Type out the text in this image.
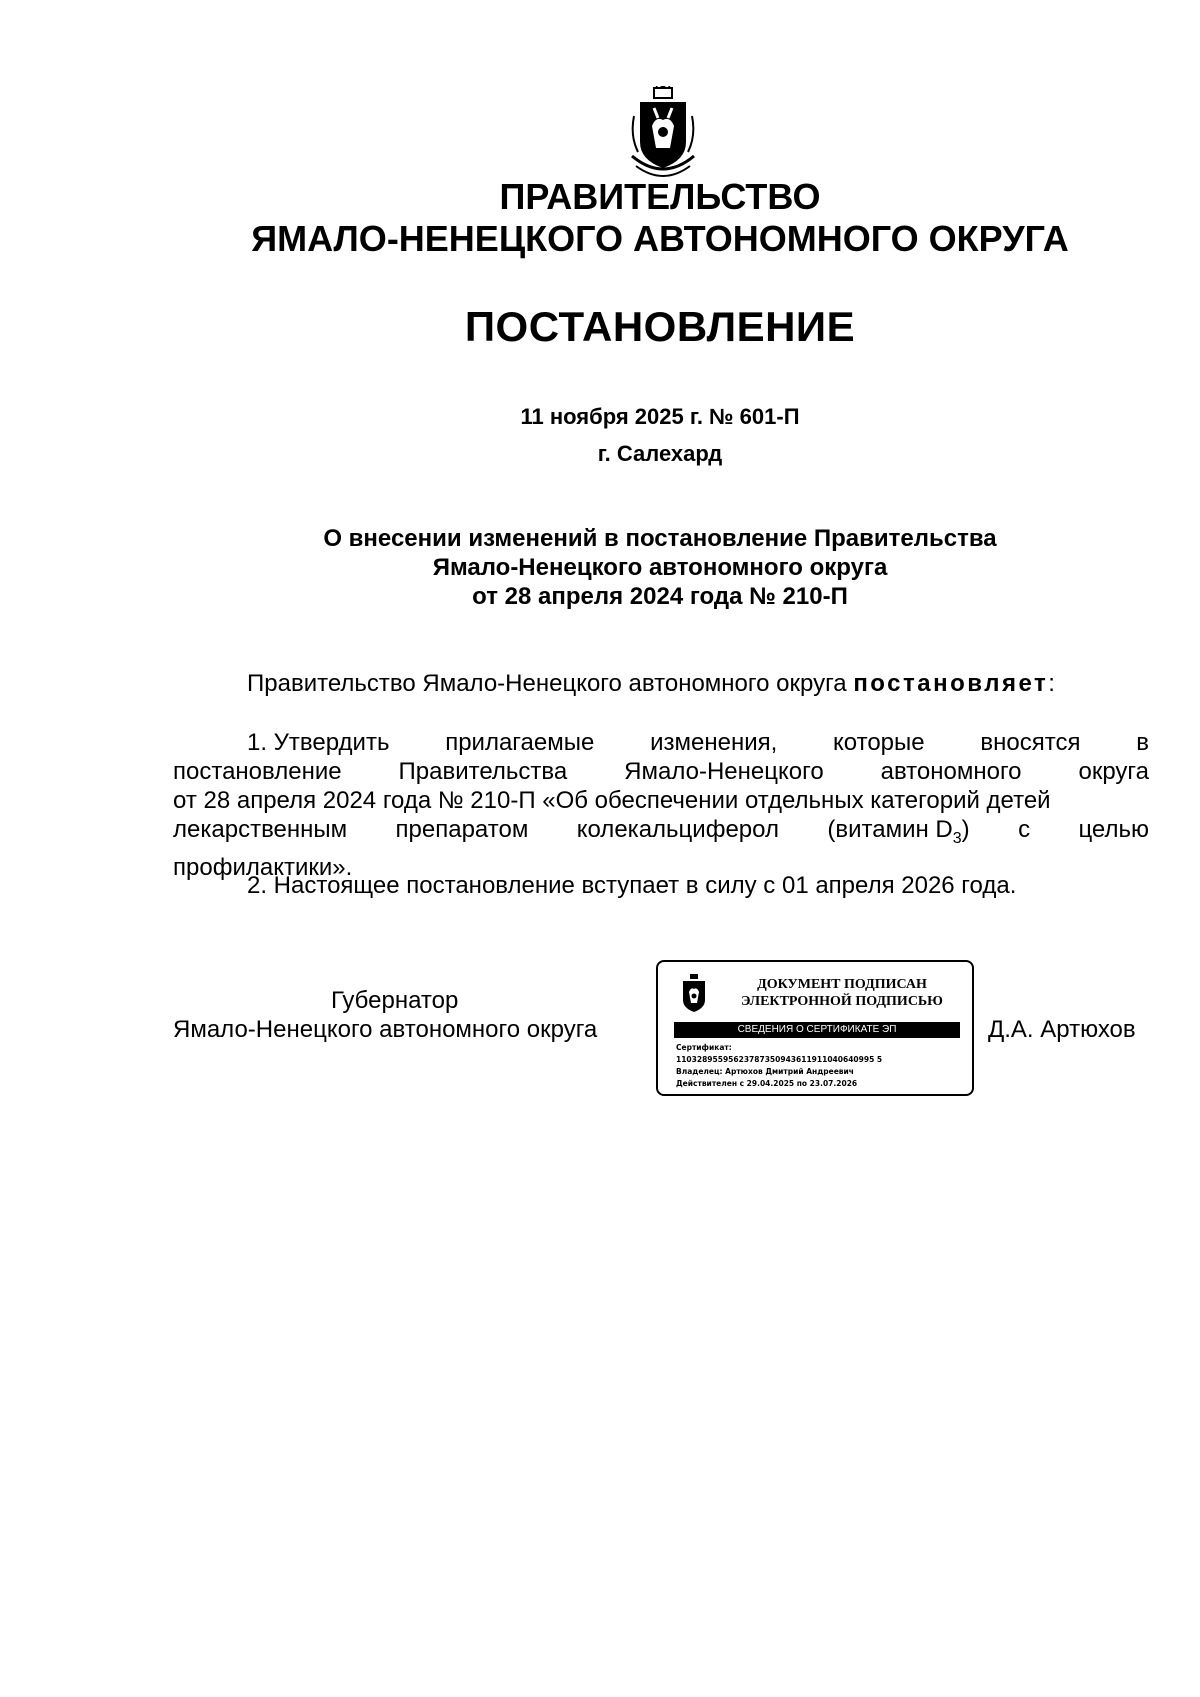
ПРАВИТЕЛЬСТВО
ЯМАЛО-НЕНЕЦКОГО АВТОНОМНОГО ОКРУГА
ПОСТАНОВЛЕНИЕ
11 ноября 2025 г. № 601-П
г. Салехард
О внесении изменений в постановление Правительства
Ямало-Ненецкого автономного округа
от 28 апреля 2024 года № 210-П
Правительство Ямало-Ненецкого автономного округа постановляет:
1. Утвердить прилагаемые изменения, которые вносятся в
постановление Правительства Ямало-Ненецкого автономного округа
от 28 апреля 2024 года № 210-П «Об обеспечении отдельных категорий детей
лекарственным препаратом колекальциферол (витамин $D_3$) с целью
профилактики».
2. Настоящее постановление вступает в силу с 01 апреля 2026 года.
Губернатор
Ямало-Ненецкого автономного округа
ДОКУМЕНТ ПОДПИСАН
ЭЛЕКТРОННОЙ ПОДПИСЬЮ
СВЕДЕНИЯ О СЕРТИФИКАТЕ ЭП
Сертификат:
11032895595623787350943611911040640995 5
Владелец: Артюхов Дмитрий Андреевич
Действителен с 29.04.2025 по 23.07.2026
Д.А. Артюхов
